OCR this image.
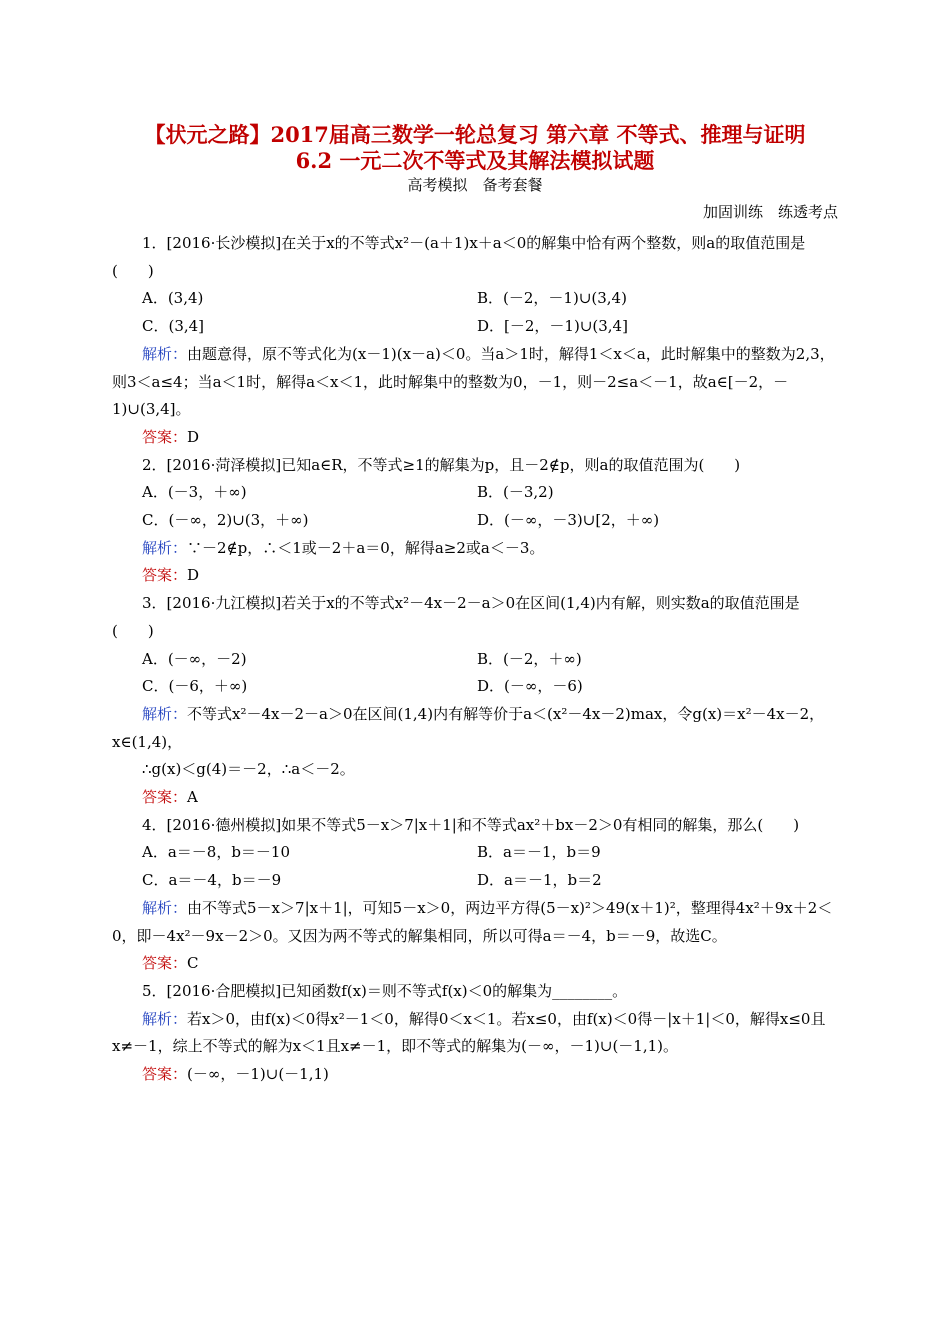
【状元之路】2017届高三数学一轮总复习 第六章 不等式、推理与证明
6.2 一元二次不等式及其解法模拟试题
高考模拟　备考套餐
加固训练　练透考点

1．[2016·长沙模拟]在关于x的不等式x²－(a＋1)x＋a＜0的解集中恰有两个整数，则a的取值范围是(　　)

A．(3,4)	B．(－2，－1)∪(3,4)
C．(3,4]	D．[－2，－1)∪(3,4]

解析：由题意得，原不等式化为(x－1)(x－a)＜0。当a＞1时，解得1＜x＜a，此时解集中的整数为2,3，则3＜a≤4；当a＜1时，解得a＜x＜1，此时解集中的整数为0，－1，则－2≤a＜－1，故a∈[－2，－1)∪(3,4]。

答案：D

2．[2016·菏泽模拟]已知a∈R，不等式≥1的解集为p，且－2∉p，则a的取值范围为(　　)

A．(－3，＋∞)	B．(－3,2)
C．(－∞，2)∪(3，＋∞)	D．(－∞，－3)∪[2，＋∞)

解析：∵－2∉p，∴＜1或－2＋a＝0，解得a≥2或a＜－3。

答案：D

3．[2016·九江模拟]若关于x的不等式x²－4x－2－a＞0在区间(1,4)内有解，则实数a的取值范围是(　　)

A．(－∞，－2)	B．(－2，＋∞)
C．(－6，＋∞)	D．(－∞，－6)

解析：不等式x²－4x－2－a＞0在区间(1,4)内有解等价于a＜(x²－4x－2)max，令g(x)＝x²－4x－2，x∈(1,4)，

∴g(x)＜g(4)＝－2，∴a＜－2。

答案：A

4．[2016·德州模拟]如果不等式5－x＞7|x＋1|和不等式ax²＋bx－2＞0有相同的解集，那么(　　)

A．a＝－8，b＝－10	B．a＝－1，b＝9
C．a＝－4，b＝－9	D．a＝－1，b＝2

解析：由不等式5－x＞7|x＋1|，可知5－x＞0，两边平方得(5－x)²＞49(x＋1)²，整理得4x²＋9x＋2＜0，即－4x²－9x－2＞0。又因为两不等式的解集相同，所以可得a＝－4，b＝－9，故选C。

答案：C

5．[2016·合肥模拟]已知函数f(x)＝则不等式f(x)＜0的解集为________。

解析：若x＞0，由f(x)＜0得x²－1＜0，解得0＜x＜1。若x≤0，由f(x)＜0得－|x＋1|＜0，解得x≤0且x≠－1，综上不等式的解为x＜1且x≠－1，即不等式的解集为(－∞，－1)∪(－1,1)。

答案：(－∞，－1)∪(－1,1)
